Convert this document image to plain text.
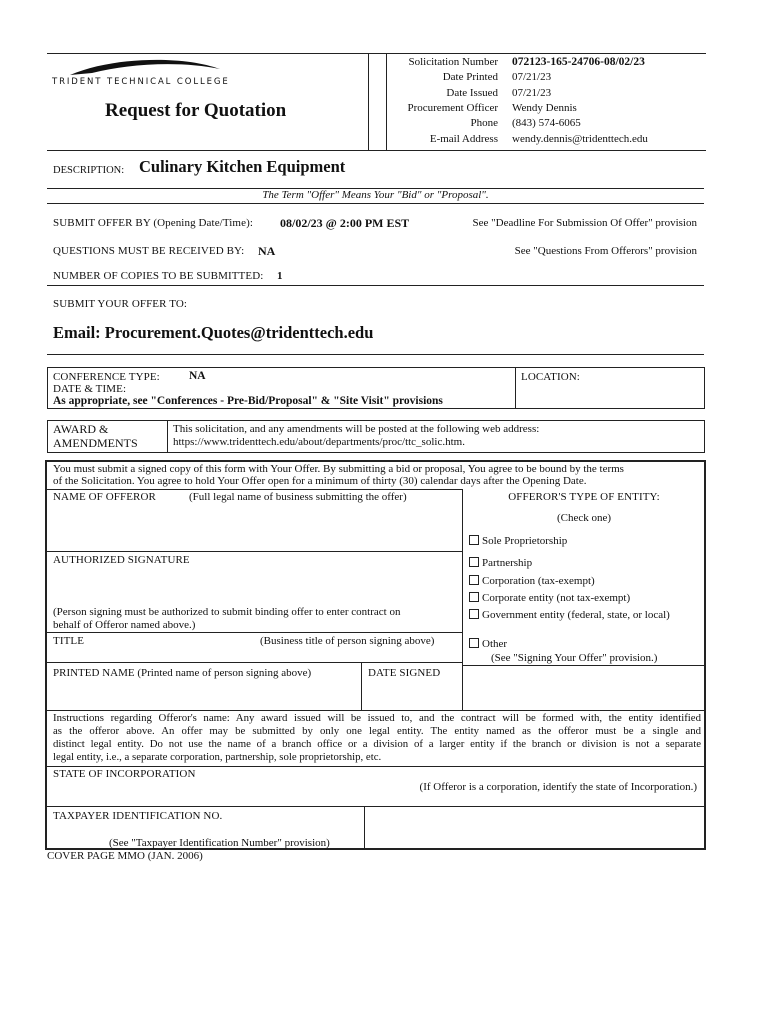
TRIDENT TECHNICAL COLLEGE
Request for Quotation
Solicitation Number 072123-165-24706-08/02/23
Date Printed 07/21/23
Date Issued 07/21/23
Procurement Officer Wendy Dennis
Phone (843) 574-6065
E-mail Address wendy.dennis@tridenttech.edu
DESCRIPTION: Culinary Kitchen Equipment
The Term "Offer" Means Your "Bid" or "Proposal".
SUBMIT OFFER BY (Opening Date/Time): 08/02/23 @ 2:00 PM EST	See "Deadline For Submission Of Offer" provision
QUESTIONS MUST BE RECEIVED BY: NA	See "Questions From Offerors" provision
NUMBER OF COPIES TO BE SUBMITTED: 1
SUBMIT YOUR OFFER TO:
Email: Procurement.Quotes@tridenttech.edu
CONFERENCE TYPE:	NA
DATE & TIME:
As appropriate, see "Conferences - Pre-Bid/Proposal" & "Site Visit" provisions
LOCATION:
AWARD &
AMENDMENTS
This solicitation, and any amendments will be posted at the following web address:
https://www.tridenttech.edu/about/departments/proc/ttc_solic.htm.
You must submit a signed copy of this form with Your Offer. By submitting a bid or proposal, You agree to be bound by the terms
of the Solicitation. You agree to hold Your Offer open for a minimum of thirty (30) calendar days after the Opening Date.
NAME OF OFFEROR	(Full legal name of business submitting the offer)	OFFEROR'S TYPE OF ENTITY:
(Check one)
Sole Proprietorship
Partnership
Corporation (tax-exempt)
Corporate entity (not tax-exempt)
Government entity (federal, state, or local)
Other
(See "Signing Your Offer" provision.)
AUTHORIZED SIGNATURE
(Person signing must be authorized to submit binding offer to enter contract on
behalf of Offeror named above.)
TITLE	(Business title of person signing above)
PRINTED NAME (Printed name of person signing above)	DATE SIGNED
Instructions regarding Offeror's name: Any award issued will be issued to, and the contract will be formed with, the entity identified
as the offeror above. An offer may be submitted by only one legal entity. The entity named as the offeror must be a single and
distinct legal entity. Do not use the name of a branch office or a division of a larger entity if the branch or division is not a separate
legal entity, i.e., a separate corporation, partnership, sole proprietorship, etc.
STATE OF INCORPORATION
(If Offeror is a corporation, identify the state of Incorporation.)
TAXPAYER IDENTIFICATION NO.
(See "Taxpayer Identification Number" provision)
COVER PAGE MMO (JAN. 2006)
